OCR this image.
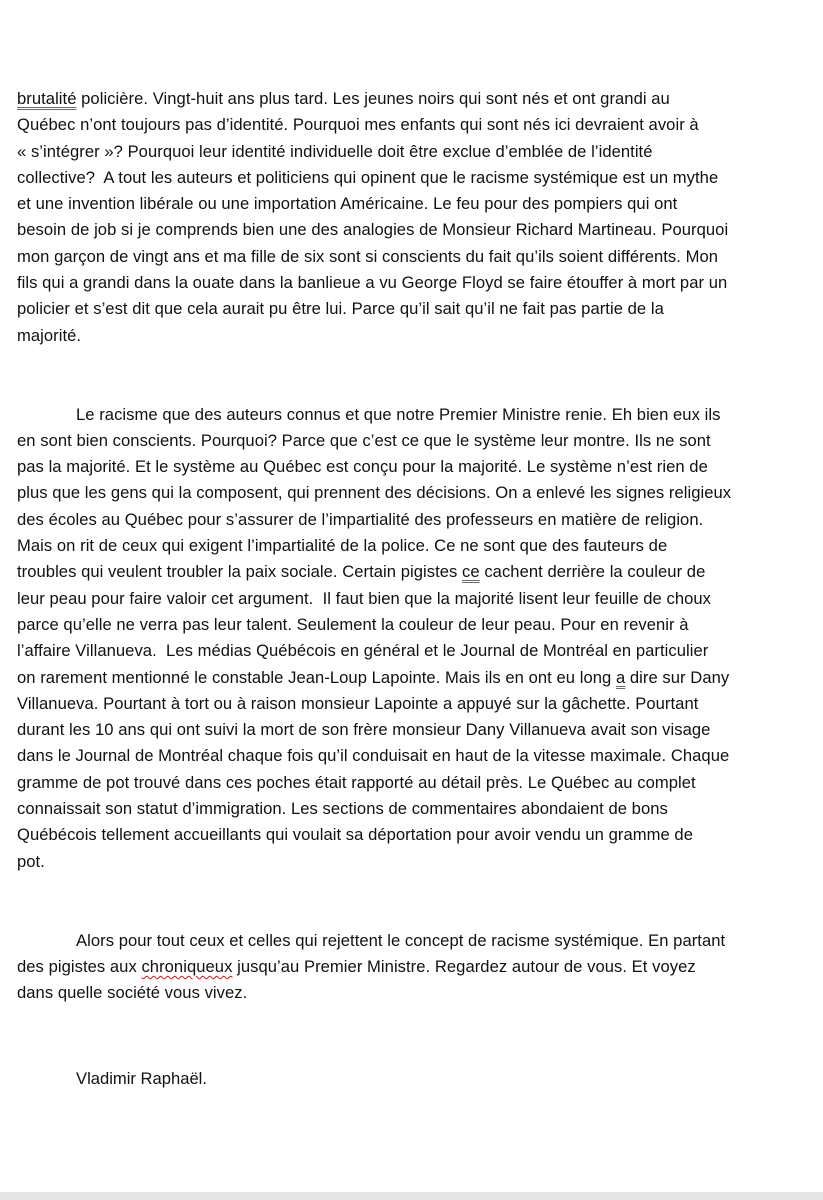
brutalité policière. Vingt-huit ans plus tard. Les jeunes noirs qui sont nés et ont grandi au
Québec n’ont toujours pas d’identité. Pourquoi mes enfants qui sont nés ici devraient avoir à
« s’intégrer »? Pourquoi leur identité individuelle doit être exclue d’emblée de l’identité
collective?  A tout les auteurs et politiciens qui opinent que le racisme systémique est un mythe
et une invention libérale ou une importation Américaine. Le feu pour des pompiers qui ont
besoin de job si je comprends bien une des analogies de Monsieur Richard Martineau. Pourquoi
mon garçon de vingt ans et ma fille de six sont si conscients du fait qu’ils soient différents. Mon
fils qui a grandi dans la ouate dans la banlieue a vu George Floyd se faire étouffer à mort par un
policier et s’est dit que cela aurait pu être lui. Parce qu’il sait qu’il ne fait pas partie de la
majorité.
Le racisme que des auteurs connus et que notre Premier Ministre renie. Eh bien eux ils
en sont bien conscients. Pourquoi? Parce que c’est ce que le système leur montre. Ils ne sont
pas la majorité. Et le système au Québec est conçu pour la majorité. Le système n’est rien de
plus que les gens qui la composent, qui prennent des décisions. On a enlevé les signes religieux
des écoles au Québec pour s’assurer de l’impartialité des professeurs en matière de religion.
Mais on rit de ceux qui exigent l’impartialité de la police. Ce ne sont que des fauteurs de
troubles qui veulent troubler la paix sociale. Certain pigistes ce cachent derrière la couleur de
leur peau pour faire valoir cet argument.  Il faut bien que la majorité lisent leur feuille de choux
parce qu’elle ne verra pas leur talent. Seulement la couleur de leur peau. Pour en revenir à
l’affaire Villanueva.  Les médias Québécois en général et le Journal de Montréal en particulier
on rarement mentionné le constable Jean-Loup Lapointe. Mais ils en ont eu long a dire sur Dany
Villanueva. Pourtant à tort ou à raison monsieur Lapointe a appuyé sur la gâchette. Pourtant
durant les 10 ans qui ont suivi la mort de son frère monsieur Dany Villanueva avait son visage
dans le Journal de Montréal chaque fois qu’il conduisait en haut de la vitesse maximale. Chaque
gramme de pot trouvé dans ces poches était rapporté au détail près. Le Québec au complet
connaissait son statut d’immigration. Les sections de commentaires abondaient de bons
Québécois tellement accueillants qui voulait sa déportation pour avoir vendu un gramme de
pot.
Alors pour tout ceux et celles qui rejettent le concept de racisme systémique. En partant
des pigistes aux chroniqueux jusqu’au Premier Ministre. Regardez autour de vous. Et voyez
dans quelle société vous vivez.
Vladimir Raphaël.
